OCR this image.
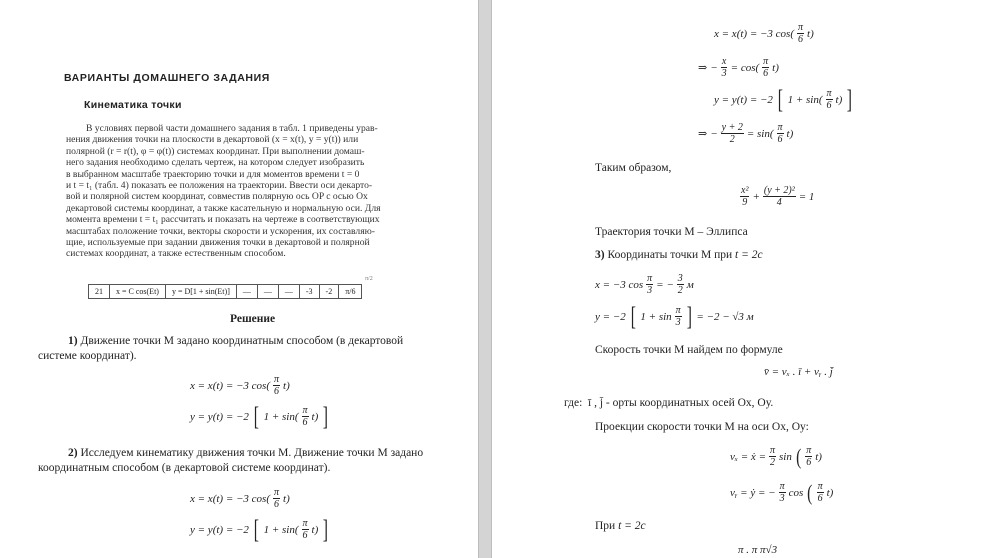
ВАРИАНТЫ ДОМАШНЕГО ЗАДАНИЯ
Кинематика точки
В условиях первой части домашнего задания в табл. 1 приведены урав-
нения движения точки на плоскости в декартовой (x = x(t), y = y(t)) или
полярной (r = r(t), φ = φ(t)) системах координат. При выполнении домаш-
него задания необходимо сделать чертеж, на котором следует изобразить
в выбранном масштабе траекторию точки и для моментов времени t = 0
и t = t₁ (табл. 4) показать ее положения на траектории. Ввести оси декарто-
вой и полярной систем координат, совместив полярную ось OP с осью Ox
декартовой системы координат, а также касательную и нормальную оси. Для
момента времени t = t₁ рассчитать и показать на чертеже в соответствующих
масштабах положение точки, векторы скорости и ускорения, их составляю-
щие, используемые при задании движения точки в декартовой и полярной
системах координат, а также естественным способом.
π/2
21	x = C cos(Et)	y = D[1 + sin(Et)]	—	—	—	-3	-2	π/6
Решение
1) Движение точки М задано координатным способом (в декартовой
системе координат).
x = x(t) = −3 $\cos( \frac{\pi}{6} t)$
y = y(t) = −2 [ $1 + \sin( \frac{\pi}{6} t)$ ]
2) Исследуем кинематику движения точки М. Движение точки М задано
координатным способом (в декартовой системе координат).
x = x(t) = −3 $\cos( \frac{\pi}{6} t)$
y = y(t) = −2 [ $1 + \sin( \frac{\pi}{6} t)$ ]
x = x(t) = −3 $\cos( \frac{\pi}{6} t)$
⇒ − $\frac{x}{3} = \cos( \frac{\pi}{6} t)$
y = y(t) = −2 [ $1 + \sin( \frac{\pi}{6} t)$ ]
⇒ − $\frac{y + 2}{2} = \sin( \frac{\pi}{6} t)$
Таким образом,
$\frac{\text{x²}}{9} + \frac{\text{(y + 2)²}}{4} = 1$
Траектория точки М – Эллипса
3) Координаты точки М при t = 2c
x = −3 $\cos \frac{\pi}{3}$ = − $\frac{3}{2}$ м
y = −2 [ $1 + \sin \frac{\pi}{3}$ ] = −2 − √3 м
Скорость точки М найдем по формуле
v̄ = vₓ . ī + vᵧ . j̄
где: ī , j̄ - орты координатных осей Ох, Оу.
Проекции скорости точки М на оси Ох, Оу:
vₓ = ẋ = $\frac{\pi}{2}$ sin ( $\frac{\pi}{6} t$)
vᵧ = ẏ = − $\frac{\pi}{3}$ cos ( $\frac{\pi}{6} t$)
При t = 2c
π . π π√3
